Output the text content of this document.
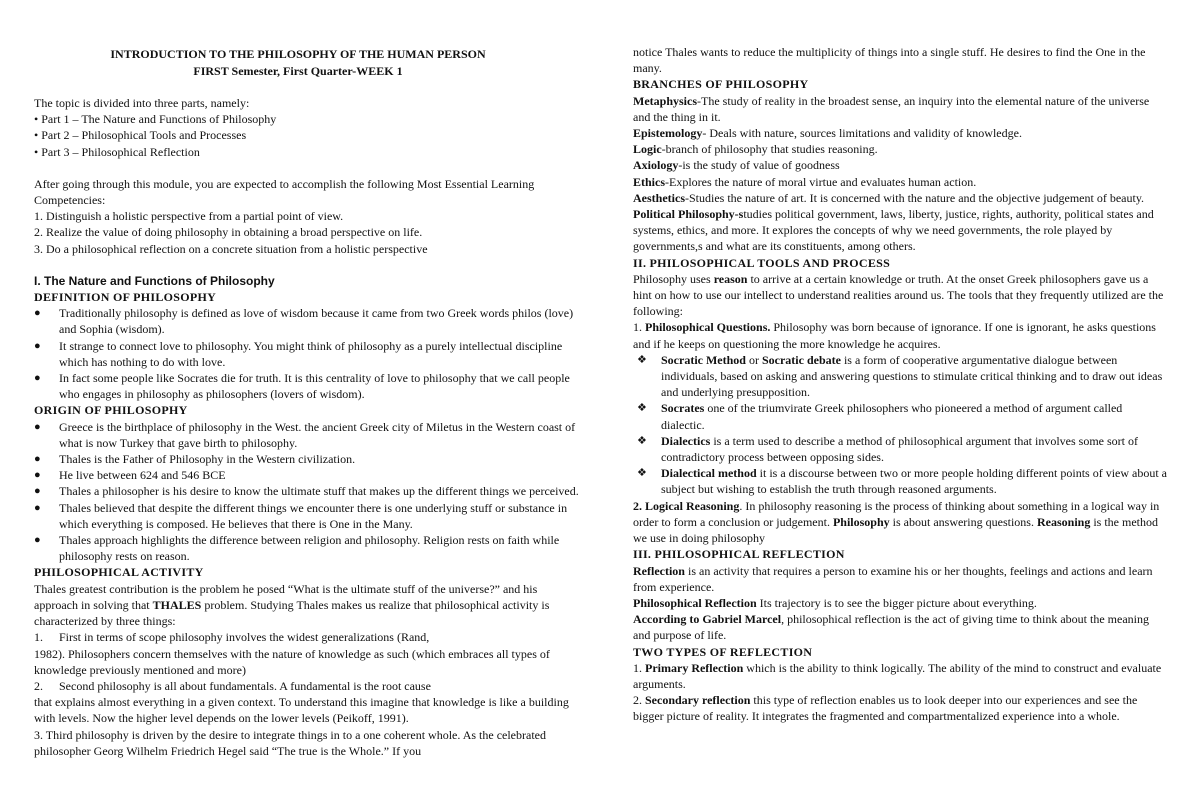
INTRODUCTION TO THE PHILOSOPHY OF THE HUMAN PERSON
FIRST Semester, First Quarter-WEEK 1

The topic is divided into three parts, namely:

• Part 1 – The Nature and Functions of Philosophy

• Part 2 – Philosophical Tools and Processes

• Part 3 – Philosophical Reflection

After going through this module, you are expected to accomplish the following Most Essential Learning Competencies:

1. Distinguish a holistic perspective from a partial point of view.

2. Realize the value of doing philosophy in obtaining a broad perspective on life.

3. Do a philosophical reflection on a concrete situation from a holistic perspective

I. The Nature and Functions of Philosophy

DEFINITION OF PHILOSOPHY

● Traditionally philosophy is defined as love of wisdom because it came from two Greek words philos (love) and Sophia (wisdom).
● It strange to connect love to philosophy. You might think of philosophy as a purely intellectual discipline which has nothing to do with love.
● In fact some people like Socrates die for truth. It is this centrality of love to philosophy that we call people who engages in philosophy as philosophers (lovers of wisdom).

ORIGIN OF PHILOSOPHY

● Greece is the birthplace of philosophy in the West. the ancient Greek city of Miletus in the Western coast of what is now Turkey that gave birth to philosophy.
● Thales is the Father of Philosophy in the Western civilization.
● He live between 624 and 546 BCE
● Thales a philosopher is his desire to know the ultimate stuff that makes up the different things we perceived.
● Thales believed that despite the different things we encounter there is one underlying stuff or substance in which everything is composed. He believes that there is One in the Many.
● Thales approach highlights the difference between religion and philosophy. Religion rests on faith while philosophy rests on reason.

PHILOSOPHICAL ACTIVITY

Thales greatest contribution is the problem he posed “What is the ultimate stuff of the universe?” and his approach in solving that THALES problem. Studying Thales makes us realize that philosophical activity is characterized by three things:

1. First in terms of scope philosophy involves the widest generalizations (Rand,

1982). Philosophers concern themselves with the nature of knowledge as such (which embraces all types of knowledge previously mentioned and more)

2. Second philosophy is all about fundamentals. A fundamental is the root cause

that explains almost everything in a given context. To understand this imagine that knowledge is like a building with levels. Now the higher level depends on the lower levels (Peikoff, 1991).

3. Third philosophy is driven by the desire to integrate things in to a one coherent whole. As the celebrated philosopher Georg Wilhelm Friedrich Hegel said “The true is the Whole.” If you

notice Thales wants to reduce the multiplicity of things into a single stuff. He desires to find the One in the many.

BRANCHES OF PHILOSOPHY

Metaphysics-The study of reality in the broadest sense, an inquiry into the elemental nature of the universe and the thing in it.

Epistemology- Deals with nature, sources limitations and validity of knowledge.

Logic-branch of philosophy that studies reasoning.

Axiology-is the study of value of goodness

Ethics-Explores the nature of moral virtue and evaluates human action.

Aesthetics-Studies the nature of art. It is concerned with the nature and the objective judgement of beauty.

Political Philosophy-studies political government, laws, liberty, justice, rights, authority, political states and systems, ethics, and more. It explores the concepts of why we need governments, the role played by governments,s and what are its constituents, among others.

II. PHILOSOPHICAL TOOLS AND PROCESS

Philosophy uses reason to arrive at a certain knowledge or truth. At the onset Greek philosophers gave us a hint on how to use our intellect to understand realities around us. The tools that they frequently utilized are the following:

1. Philosophical Questions. Philosophy was born because of ignorance. If one is ignorant, he asks questions and if he keeps on questioning the more knowledge he acquires.

❖ Socratic Method or Socratic debate is a form of cooperative argumentative dialogue between individuals, based on asking and answering questions to stimulate critical thinking and to draw out ideas and underlying presupposition.
❖ Socrates one of the triumvirate Greek philosophers who pioneered a method of argument called dialectic.
❖ Dialectics is a term used to describe a method of philosophical argument that involves some sort of contradictory process between opposing sides.
❖ Dialectical method it is a discourse between two or more people holding different points of view about a subject but wishing to establish the truth through reasoned arguments.

2. Logical Reasoning. In philosophy reasoning is the process of thinking about something in a logical way in order to form a conclusion or judgement. Philosophy is about answering questions. Reasoning is the method we use in doing philosophy

III. PHILOSOPHICAL REFLECTION

Reflection is an activity that requires a person to examine his or her thoughts, feelings and actions and learn from experience.

Philosophical Reflection Its trajectory is to see the bigger picture about everything.

According to Gabriel Marcel, philosophical reflection is the act of giving time to think about the meaning and purpose of life.

TWO TYPES OF REFLECTION

1. Primary Reflection which is the ability to think logically. The ability of the mind to construct and evaluate arguments.

2. Secondary reflection this type of reflection enables us to look deeper into our experiences and see the bigger picture of reality. It integrates the fragmented and compartmentalized experience into a whole.
